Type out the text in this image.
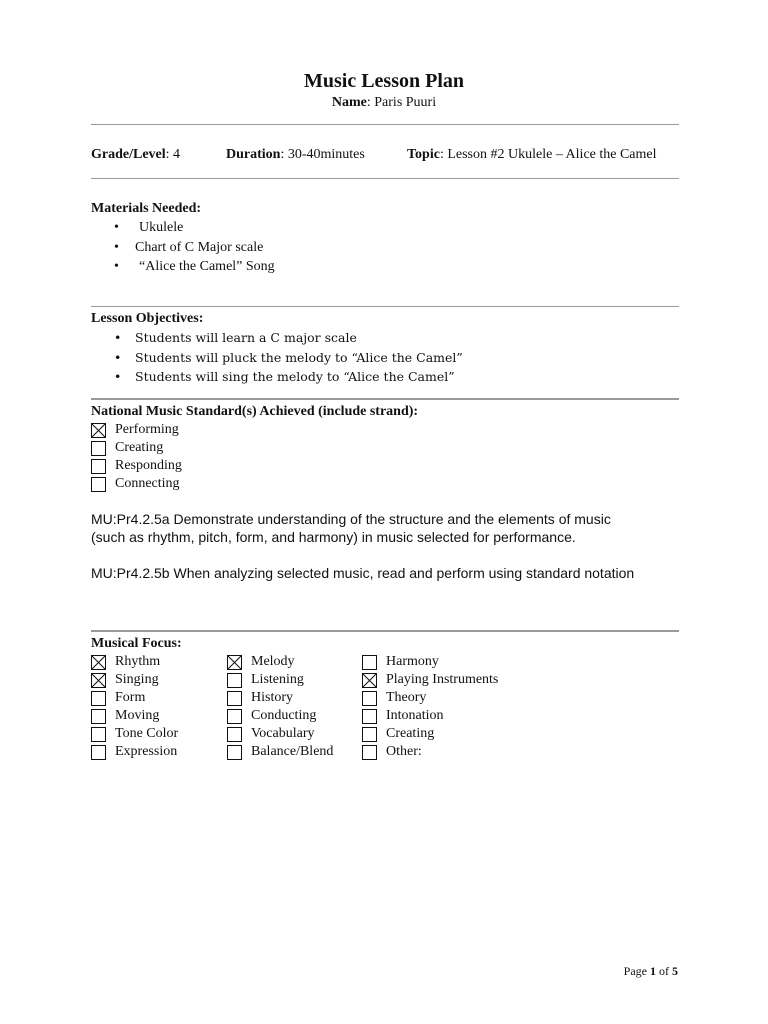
Music Lesson Plan
Name: Paris Puuri
Grade/Level: 4	Duration: 30-40minutes	Topic: Lesson #2 Ukulele – Alice the Camel
Materials Needed:
• Ukulele
• Chart of C Major scale
• “Alice the Camel” Song
Lesson Objectives:
• Students will learn a C major scale
• Students will pluck the melody to “Alice the Camel”
• Students will sing the melody to “Alice the Camel”
National Music Standard(s) Achieved (include strand):
Performing
Creating
Responding
Connecting
MU:Pr4.2.5a Demonstrate understanding of the structure and the elements of music
(such as rhythm, pitch, form, and harmony) in music selected for performance.
MU:Pr4.2.5b When analyzing selected music, read and perform using standard notation
Musical Focus:
Rhythm
Singing
Form
Moving
Tone Color
Expression
Melody
Listening
History
Conducting
Vocabulary
Balance/Blend
Harmony
Playing Instruments
Theory
Intonation
Creating
Other:
Page 1 of 5
